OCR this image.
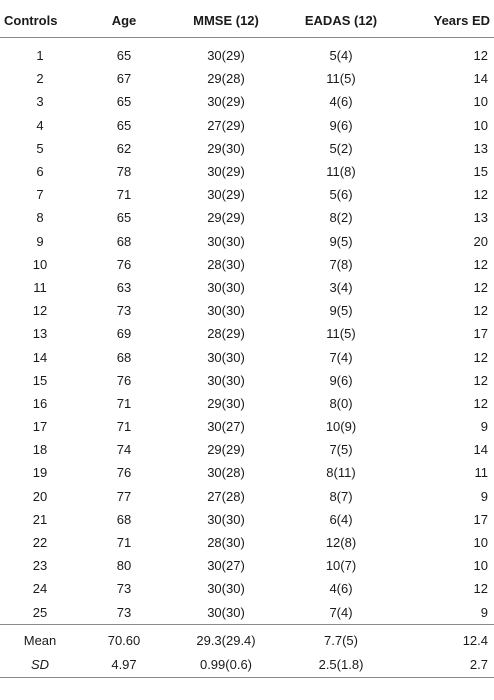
Controls	Age	MMSE (12)	EADAS (12)	Years ED
1	65	30(29)	5(4)	12
2	67	29(28)	11(5)	14
3	65	30(29)	4(6)	10
4	65	27(29)	9(6)	10
5	62	29(30)	5(2)	13
6	78	30(29)	11(8)	15
7	71	30(29)	5(6)	12
8	65	29(29)	8(2)	13
9	68	30(30)	9(5)	20
10	76	28(30)	7(8)	12
11	63	30(30)	3(4)	12
12	73	30(30)	9(5)	12
13	69	28(29)	11(5)	17
14	68	30(30)	7(4)	12
15	76	30(30)	9(6)	12
16	71	29(30)	8(0)	12
17	71	30(27)	10(9)	9
18	74	29(29)	7(5)	14
19	76	30(28)	8(11)	11
20	77	27(28)	8(7)	9
21	68	30(30)	6(4)	17
22	71	28(30)	12(8)	10
23	80	30(27)	10(7)	10
24	73	30(30)	4(6)	12
25	73	30(30)	7(4)	9
Mean	70.60	29.3(29.4)	7.7(5)	12.4
SD	4.97	0.99(0.6)	2.5(1.8)	2.7
